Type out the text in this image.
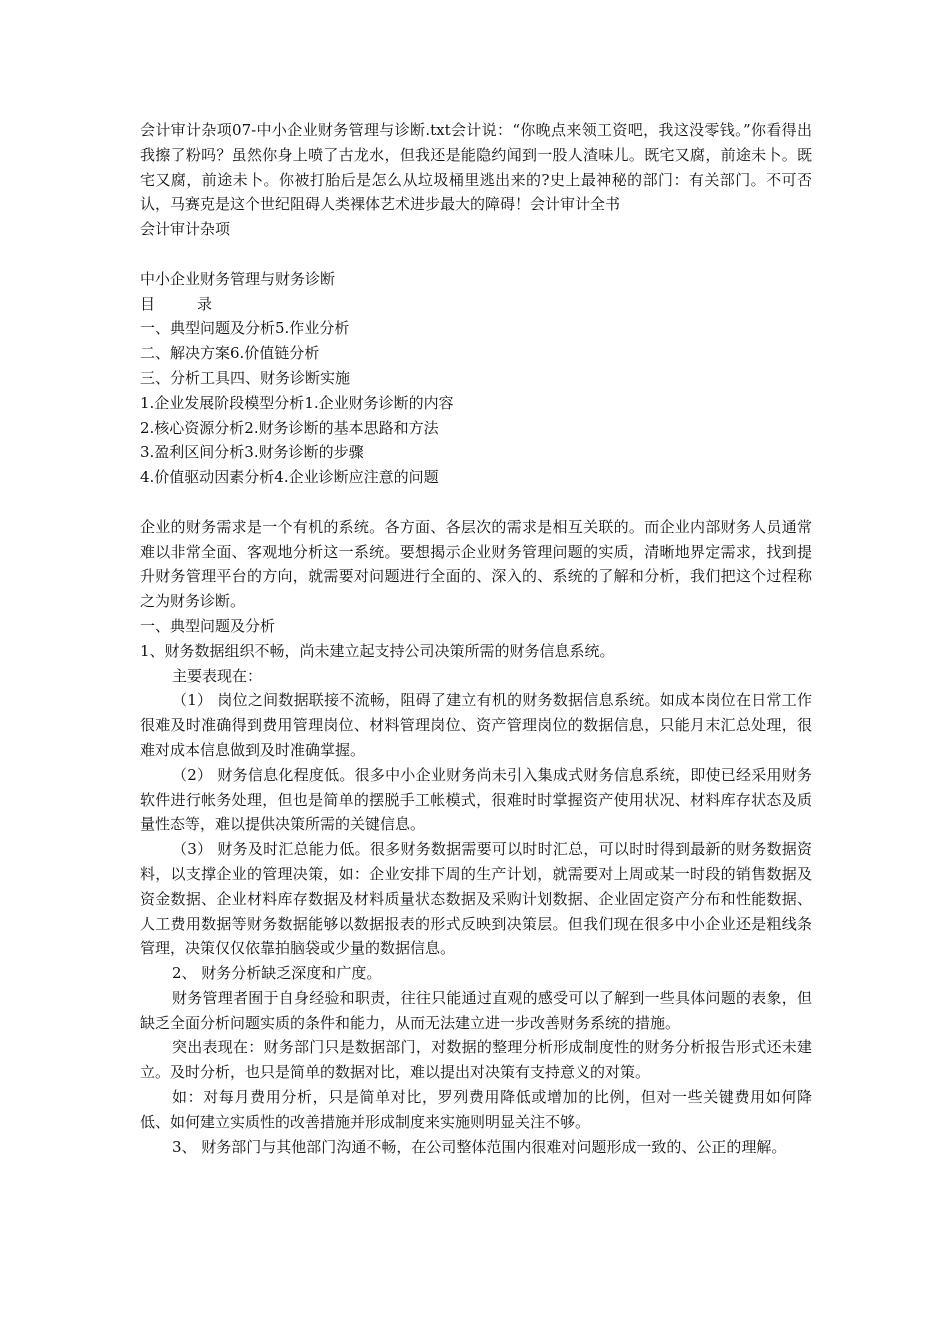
会计审计杂项07-中小企业财务管理与诊断.txt会计说：“你晚点来领工资吧，我这没零钱。”你看得出我擦了粉吗？虽然你身上喷了古龙水，但我还是能隐约闻到一股人渣味儿。既宅又腐，前途未卜。既宅又腐，前途未卜。你被打胎后是怎么从垃圾桶里逃出来的?史上最神秘的部门：有关部门。不可否认，马赛克是这个世纪阻碍人类裸体艺术进步最大的障碍！会计审计全书
会计审计杂项
中小企业财务管理与财务诊断
目	录
一、典型问题及分析5.作业分析
二、解决方案6.价值链分析
三、分析工具四、财务诊断实施
1.企业发展阶段模型分析1.企业财务诊断的内容
2.核心资源分析2.财务诊断的基本思路和方法
3.盈利区间分析3.财务诊断的步骤
4.价值驱动因素分析4.企业诊断应注意的问题
企业的财务需求是一个有机的系统。各方面、各层次的需求是相互关联的。而企业内部财务人员通常难以非常全面、客观地分析这一系统。要想揭示企业财务管理问题的实质，清晰地界定需求，找到提升财务管理平台的方向，就需要对问题进行全面的、深入的、系统的了解和分析，我们把这个过程称之为财务诊断。
一、典型问题及分析
1、财务数据组织不畅，尚未建立起支持公司决策所需的财务信息系统。
主要表现在：
（1） 岗位之间数据联接不流畅，阻碍了建立有机的财务数据信息系统。如成本岗位在日常工作很难及时准确得到费用管理岗位、材料管理岗位、资产管理岗位的数据信息，只能月末汇总处理，很难对成本信息做到及时准确掌握。
（2） 财务信息化程度低。很多中小企业财务尚未引入集成式财务信息系统，即使已经采用财务软件进行帐务处理，但也是简单的摆脱手工帐模式，很难时时掌握资产使用状况、材料库存状态及质量性态等，难以提供决策所需的关键信息。
（3） 财务及时汇总能力低。很多财务数据需要可以时时汇总，可以时时得到最新的财务数据资料，以支撑企业的管理决策，如：企业安排下周的生产计划，就需要对上周或某一时段的销售数据及资金数据、企业材料库存数据及材料质量状态数据及采购计划数据、企业固定资产分布和性能数据、人工费用数据等财务数据能够以数据报表的形式反映到决策层。但我们现在很多中小企业还是粗线条管理，决策仅仅依靠拍脑袋或少量的数据信息。
2、 财务分析缺乏深度和广度。
财务管理者囿于自身经验和职责，往往只能通过直观的感受可以了解到一些具体问题的表象，但缺乏全面分析问题实质的条件和能力，从而无法建立进一步改善财务系统的措施。
突出表现在：财务部门只是数据部门，对数据的整理分析形成制度性的财务分析报告形式还未建立。及时分析，也只是简单的数据对比，难以提出对决策有支持意义的对策。
如：对每月费用分析，只是简单对比，罗列费用降低或增加的比例，但对一些关键费用如何降低、如何建立实质性的改善措施并形成制度来实施则明显关注不够。
3、 财务部门与其他部门沟通不畅，在公司整体范围内很难对问题形成一致的、公正的理解。
